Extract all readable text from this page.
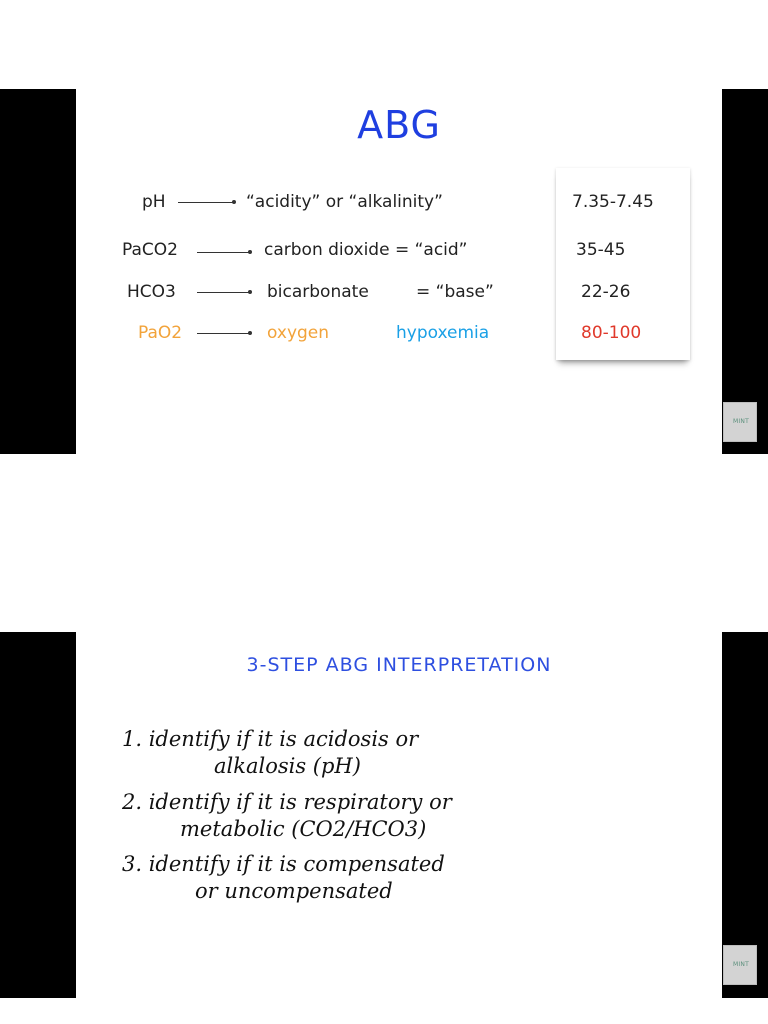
ABG
pH	“acidity” or “alkalinity”	7.35-7.45
PaCO2	carbon dioxide = “acid”	35-45
HCO3	bicarbonate	= “base”	22-26
PaO2	oxygen	hypoxemia	80-100
MINT
3-STEP ABG INTERPRETATION
1. identify if it is acidosis or
alkalosis (pH)
2. identify if it is respiratory or
metabolic (CO2/HCO3)
3. identify if it is compensated
or uncompensated
MINT
